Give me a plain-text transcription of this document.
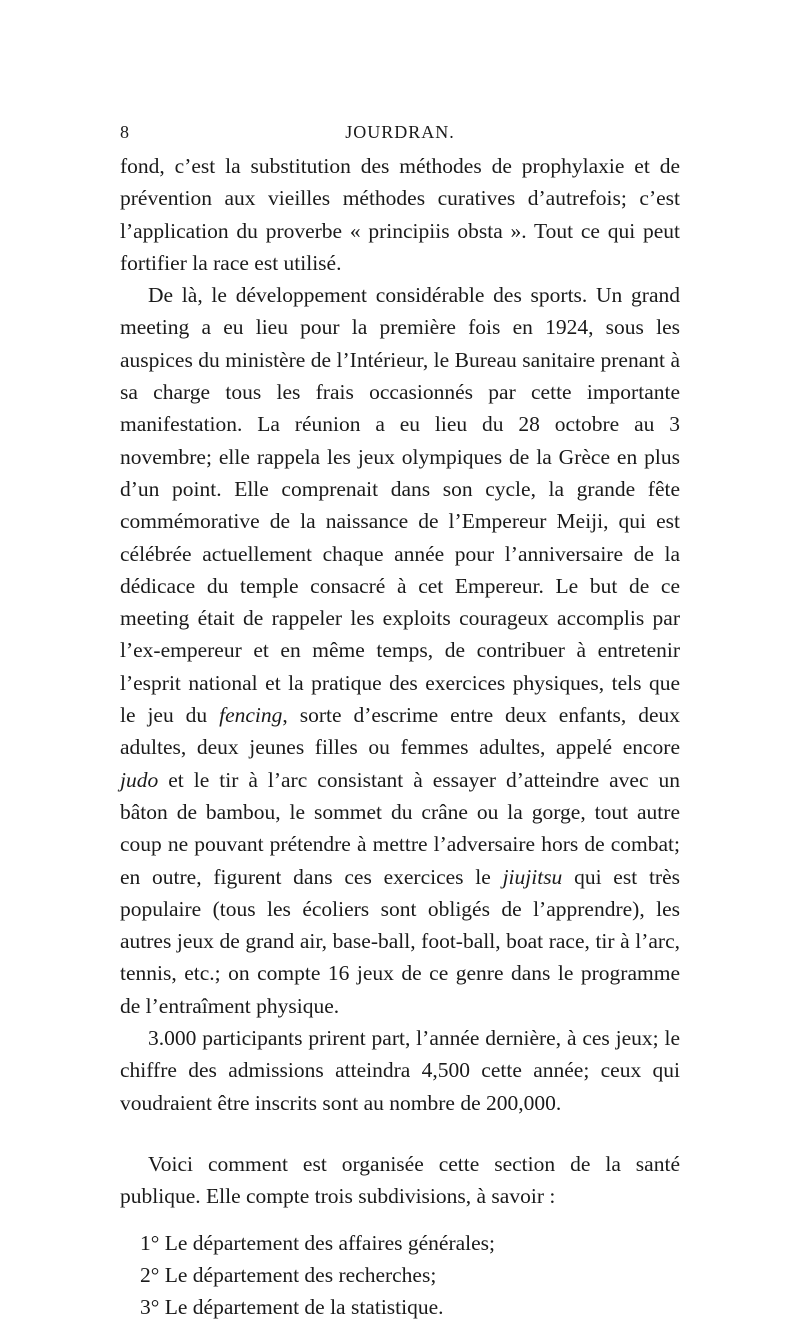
8	JOURDRAN.

fond, c’est la substitution des méthodes de prophylaxie et de prévention aux vieilles méthodes curatives d’autrefois; c’est l’application du proverbe « principiis obsta ». Tout ce qui peut fortifier la race est utilisé.

De là, le développement considérable des sports. Un grand meeting a eu lieu pour la première fois en 1924, sous les auspices du ministère de l’Intérieur, le Bureau sanitaire prenant à sa charge tous les frais occasionnés par cette importante manifestation. La réunion a eu lieu du 28 octobre au 3 novembre; elle rappela les jeux olympiques de la Grèce en plus d’un point. Elle comprenait dans son cycle, la grande fête commémorative de la naissance de l’Empereur Meiji, qui est célébrée actuellement chaque année pour l’anniversaire de la dédicace du temple consacré à cet Empereur. Le but de ce meeting était de rappeler les exploits courageux accomplis par l’ex-empereur et en même temps, de contribuer à entretenir l’esprit national et la pratique des exercices physiques, tels que le jeu du fencing, sorte d’escrime entre deux enfants, deux adultes, deux jeunes filles ou femmes adultes, appelé encore judo et le tir à l’arc consistant à essayer d’atteindre avec un bâton de bambou, le sommet du crâne ou la gorge, tout autre coup ne pouvant prétendre à mettre l’adversaire hors de combat; en outre, figurent dans ces exercices le jiujitsu qui est très populaire (tous les écoliers sont obligés de l’apprendre), les autres jeux de grand air, base-ball, foot-ball, boat race, tir à l’arc, tennis, etc.; on compte 16 jeux de ce genre dans le programme de l’entraîment physique.

3.000 participants prirent part, l’année dernière, à ces jeux; le chiffre des admissions atteindra 4,500 cette année; ceux qui voudraient être inscrits sont au nombre de 200,000.

Voici comment est organisée cette section de la santé publique. Elle compte trois subdivisions, à savoir :

1° Le département des affaires générales;
2° Le département des recherches;
3° Le département de la statistique.
